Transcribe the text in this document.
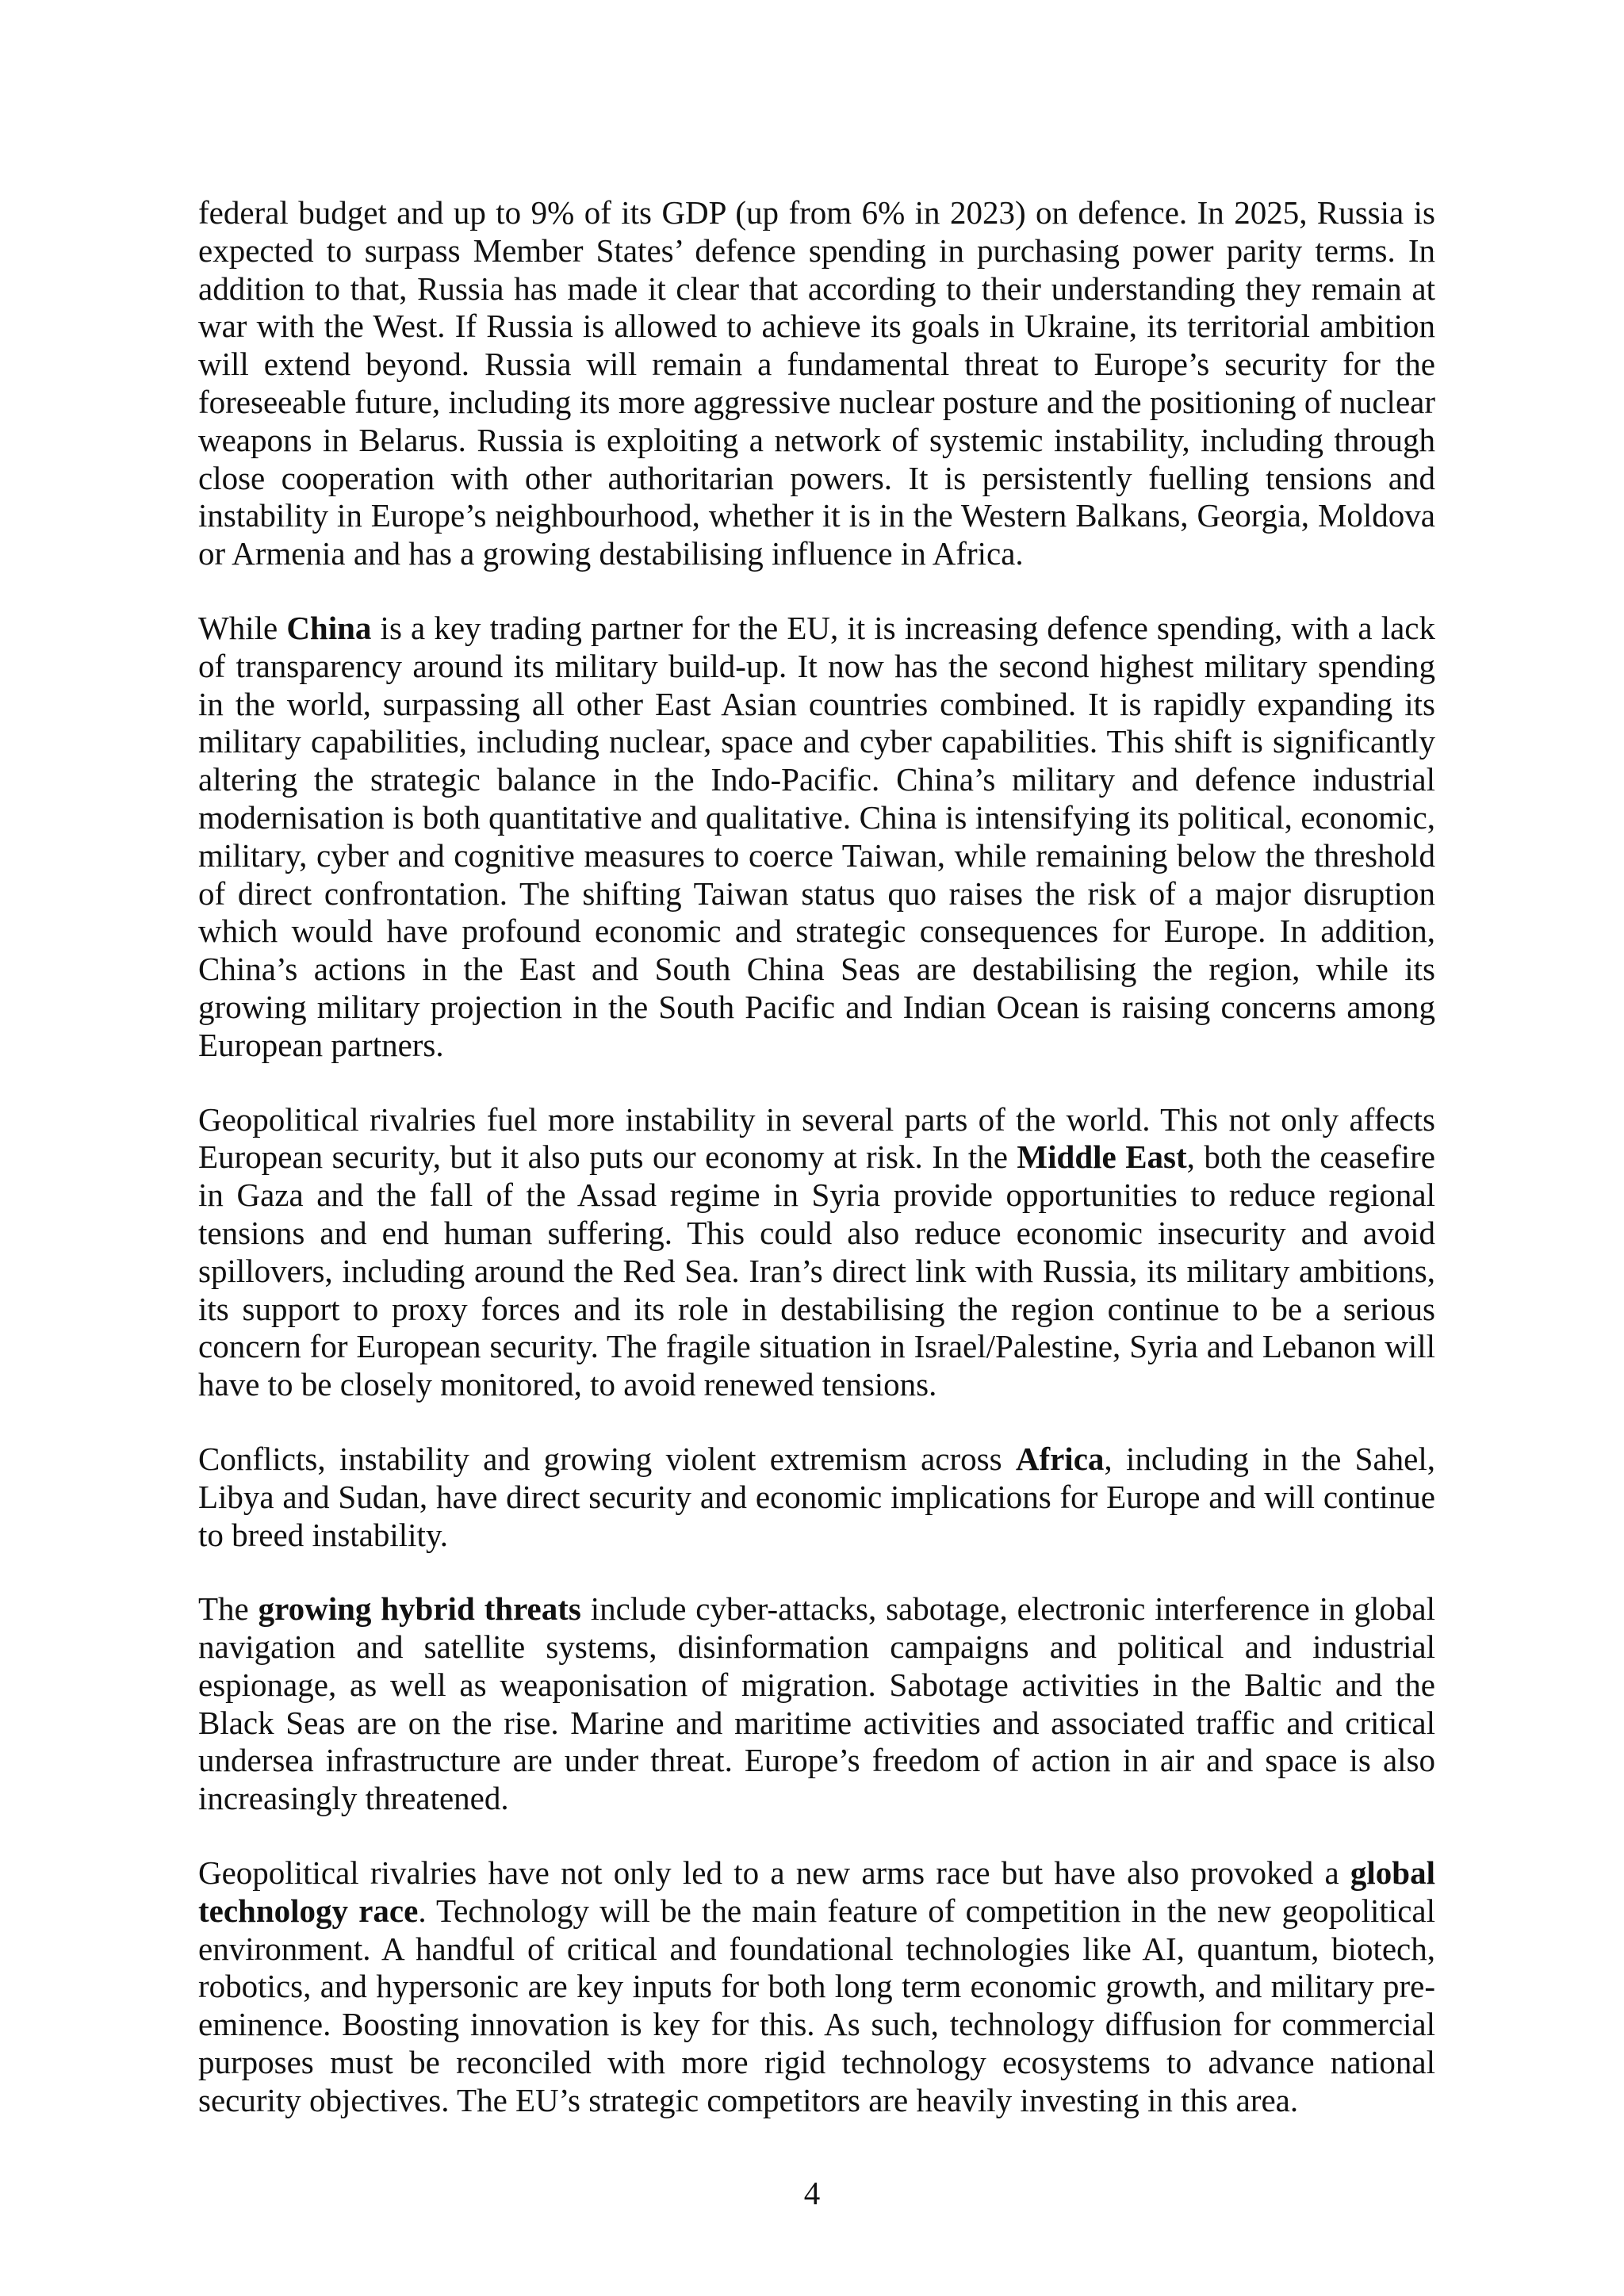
federal budget and up to 9% of its GDP (up from 6% in 2023) on defence. In 2025, Russia is expected to surpass Member States’ defence spending in purchasing power parity terms. In addition to that, Russia has made it clear that according to their understanding they remain at war with the West. If Russia is allowed to achieve its goals in Ukraine, its territorial ambition will extend beyond. Russia will remain a fundamental threat to Europe’s security for the foreseeable future, including its more aggressive nuclear posture and the positioning of nuclear weapons in Belarus. Russia is exploiting a network of systemic instability, including through close cooperation with other authoritarian powers. It is persistently fuelling tensions and instability in Europe’s neighbourhood, whether it is in the Western Balkans, Georgia, Moldova or Armenia and has a growing destabilising influence in Africa.

While China is a key trading partner for the EU, it is increasing defence spending, with a lack of transparency around its military build-up. It now has the second highest military spending in the world, surpassing all other East Asian countries combined. It is rapidly expanding its military capabilities, including nuclear, space and cyber capabilities. This shift is significantly altering the strategic balance in the Indo-Pacific. China’s military and defence industrial modernisation is both quantitative and qualitative. China is intensifying its political, economic, military, cyber and cognitive measures to coerce Taiwan, while remaining below the threshold of direct confrontation. The shifting Taiwan status quo raises the risk of a major disruption which would have profound economic and strategic consequences for Europe. In addition, China’s actions in the East and South China Seas are destabilising the region, while its growing military projection in the South Pacific and Indian Ocean is raising concerns among European partners.

Geopolitical rivalries fuel more instability in several parts of the world. This not only affects European security, but it also puts our economy at risk. In the Middle East, both the ceasefire in Gaza and the fall of the Assad regime in Syria provide opportunities to reduce regional tensions and end human suffering. This could also reduce economic insecurity and avoid spillovers, including around the Red Sea. Iran’s direct link with Russia, its military ambitions, its support to proxy forces and its role in destabilising the region continue to be a serious concern for European security. The fragile situation in Israel/Palestine, Syria and Lebanon will have to be closely monitored, to avoid renewed tensions.

Conflicts, instability and growing violent extremism across Africa, including in the Sahel, Libya and Sudan, have direct security and economic implications for Europe and will continue to breed instability.

The growing hybrid threats include cyber-attacks, sabotage, electronic interference in global navigation and satellite systems, disinformation campaigns and political and industrial espionage, as well as weaponisation of migration. Sabotage activities in the Baltic and the Black Seas are on the rise. Marine and maritime activities and associated traffic and critical undersea infrastructure are under threat. Europe’s freedom of action in air and space is also increasingly threatened.

Geopolitical rivalries have not only led to a new arms race but have also provoked a global technology race. Technology will be the main feature of competition in the new geopolitical environment. A handful of critical and foundational technologies like AI, quantum, biotech, robotics, and hypersonic are key inputs for both long term economic growth, and military pre-eminence. Boosting innovation is key for this. As such, technology diffusion for commercial purposes must be reconciled with more rigid technology ecosystems to advance national security objectives. The EU’s strategic competitors are heavily investing in this area.

4
